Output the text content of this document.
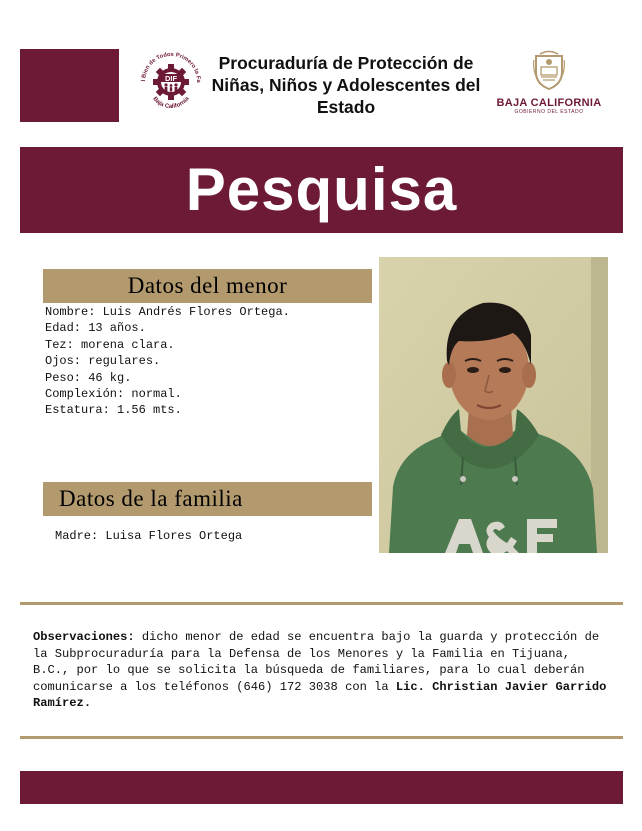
l Bien de Todos Primero la Fa
Baja California
DIF
Procuraduría de Protección de Niñas, Niños y Adolescentes del Estado	BAJA CALIFORNIA
GOBIERNO DEL ESTADO
Pesquisa
Datos del menor
Nombre: Luis Andrés Flores Ortega.
Edad: 13 años.
Tez: morena clara.
Ojos: regulares.
Peso: 46 kg.
Complexión: normal.
Estatura: 1.56 mts.
Datos de la familia
Madre: Luisa Flores Ortega
Observaciones: dicho menor de edad se encuentra bajo la guarda y protección de la Subprocuraduría para la Defensa de los Menores y la Familia en Tijuana, B.C., por lo que se solicita la búsqueda de familiares, para lo cual deberán comunicarse a los teléfonos (646) 172 3038 con la Lic. Christian Javier Garrido Ramírez.
